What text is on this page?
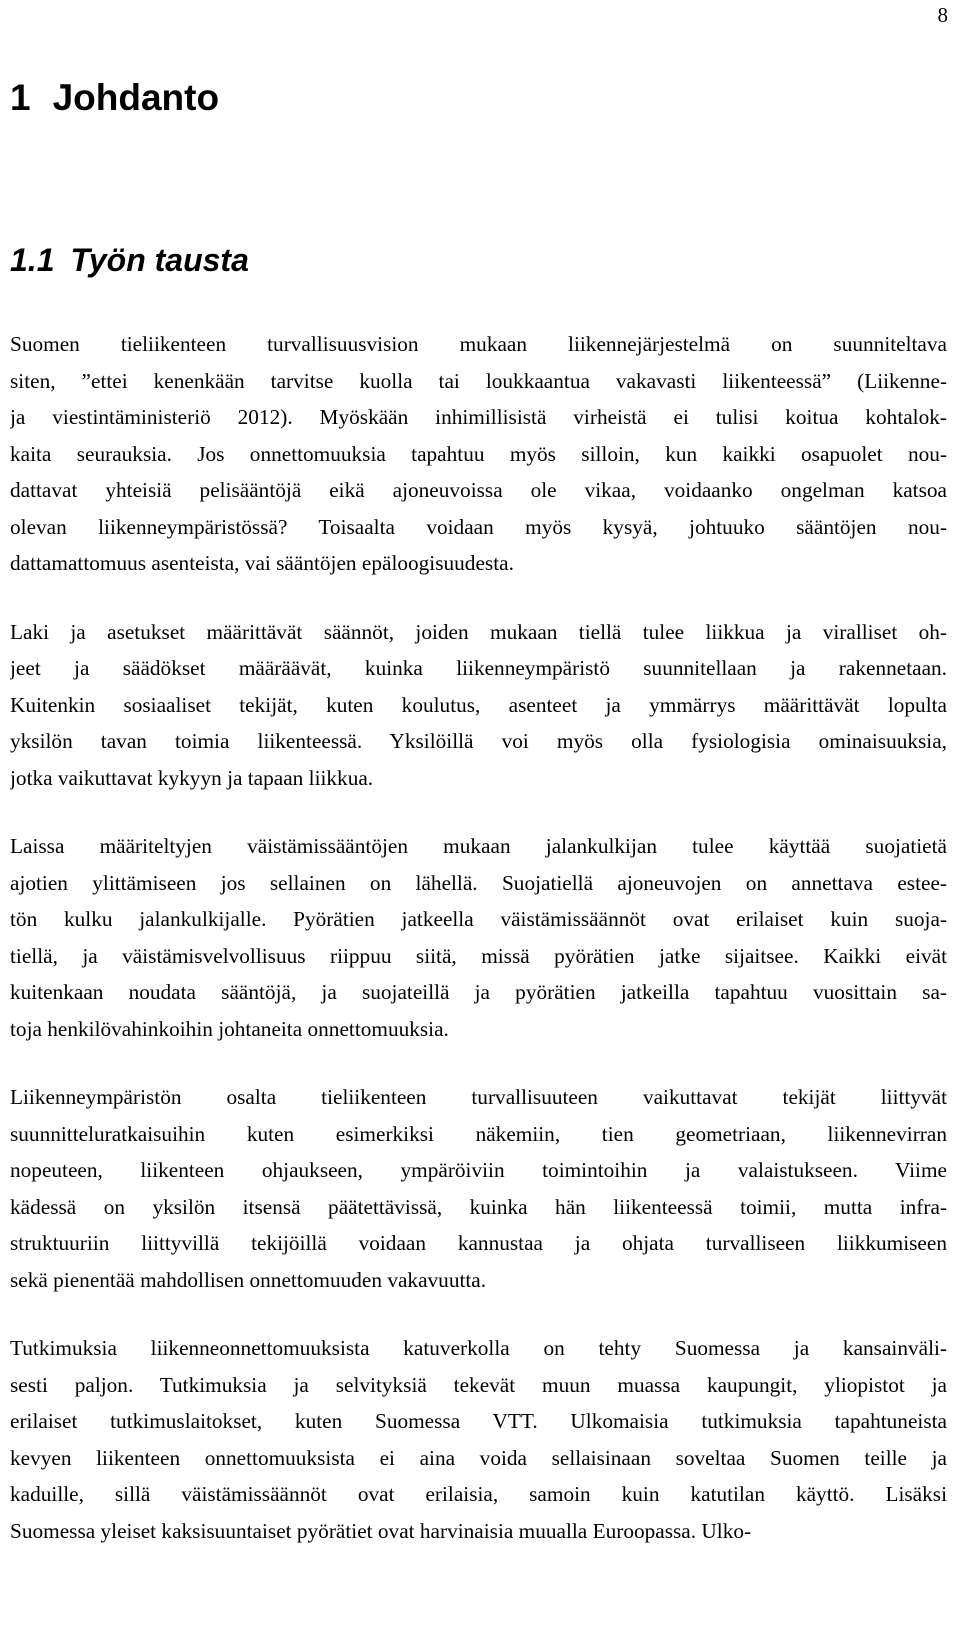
8
1 Johdanto
1.1 Työn tausta
Suomen tieliikenteen turvallisuusvision mukaan liikennejärjestelmä on suunniteltava
siten, ”ettei kenenkään tarvitse kuolla tai loukkaantua vakavasti liikenteessä” (Liikenne-
ja viestintäministeriö 2012). Myöskään inhimillisistä virheistä ei tulisi koitua kohtalok-
kaita seurauksia. Jos onnettomuuksia tapahtuu myös silloin, kun kaikki osapuolet nou-
dattavat yhteisiä pelisääntöjä eikä ajoneuvoissa ole vikaa, voidaanko ongelman katsoa
olevan liikenneympäristössä? Toisaalta voidaan myös kysyä, johtuuko sääntöjen nou-
dattamattomuus asenteista, vai sääntöjen epäloogisuudesta.
Laki ja asetukset määrittävät säännöt, joiden mukaan tiellä tulee liikkua ja viralliset oh-
jeet ja säädökset määräävät, kuinka liikenneympäristö suunnitellaan ja rakennetaan.
Kuitenkin sosiaaliset tekijät, kuten koulutus, asenteet ja ymmärrys määrittävät lopulta
yksilön tavan toimia liikenteessä. Yksilöillä voi myös olla fysiologisia ominaisuuksia,
jotka vaikuttavat kykyyn ja tapaan liikkua.
Laissa määriteltyjen väistämissääntöjen mukaan jalankulkijan tulee käyttää suojatietä
ajotien ylittämiseen jos sellainen on lähellä. Suojatiellä ajoneuvojen on annettava estee-
tön kulku jalankulkijalle. Pyörätien jatkeella väistämissäännöt ovat erilaiset kuin suoja-
tiellä, ja väistämisvelvollisuus riippuu siitä, missä pyörätien jatke sijaitsee. Kaikki eivät
kuitenkaan noudata sääntöjä, ja suojateillä ja pyörätien jatkeilla tapahtuu vuosittain sa-
toja henkilövahinkoihin johtaneita onnettomuuksia.
Liikenneympäristön osalta tieliikenteen turvallisuuteen vaikuttavat tekijät liittyvät
suunnitteluratkaisuihin kuten esimerkiksi näkemiin, tien geometriaan, liikennevirran
nopeuteen, liikenteen ohjaukseen, ympäröiviin toimintoihin ja valaistukseen. Viime
kädessä on yksilön itsensä päätettävissä, kuinka hän liikenteessä toimii, mutta infra-
struktuuriin liittyvillä tekijöillä voidaan kannustaa ja ohjata turvalliseen liikkumiseen
sekä pienentää mahdollisen onnettomuuden vakavuutta.
Tutkimuksia liikenneonnettomuuksista katuverkolla on tehty Suomessa ja kansainväli-
sesti paljon. Tutkimuksia ja selvityksiä tekevät muun muassa kaupungit, yliopistot ja
erilaiset tutkimuslaitokset, kuten Suomessa VTT. Ulkomaisia tutkimuksia tapahtuneista
kevyen liikenteen onnettomuuksista ei aina voida sellaisinaan soveltaa Suomen teille ja
kaduille, sillä väistämissäännöt ovat erilaisia, samoin kuin katutilan käyttö. Lisäksi
Suomessa yleiset kaksisuuntaiset pyörätiet ovat harvinaisia muualla Euroopassa. Ulko-
